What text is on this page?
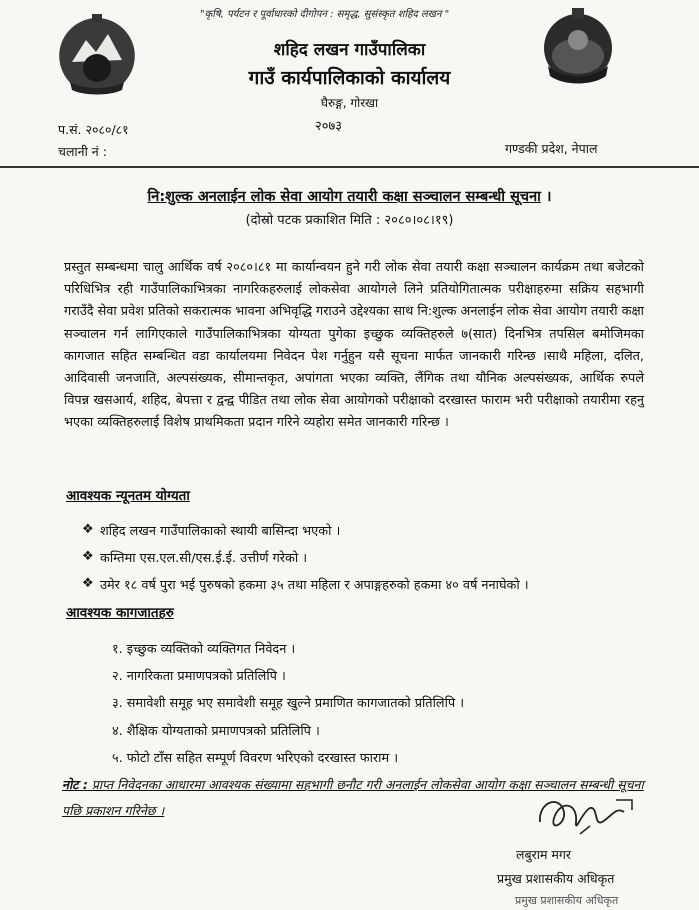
"कृषि, पर्यटन र पूर्वाधारको दीगोपन : समृद्ध, सुसंस्कृत शहिद लखन "
शहिद लखन गाउँपालिका
गाउँ कार्यपालिकाको कार्यालय
घैरुङ्ग, गोरखा
२०७३
प.सं. २०८०/८१
चलानी नं :	गण्डकी प्रदेश, नेपाल
नि:शुल्क अनलाईन लोक सेवा आयोग तयारी कक्षा सञ्चालन सम्बन्धी सूचना ।
(दोस्रो पटक प्रकाशित मिति : २०८०।०८।१९)
प्रस्तुत सम्बन्धमा चालु आर्थिक वर्ष २०८०।८१ मा कार्यान्वयन हुने गरी लोक सेवा तयारी कक्षा सञ्चालन कार्यक्रम तथा बजेटको परिधिभित्र रही गाउँपालिकाभित्रका नागरिकहरुलाई लोकसेवा आयोगले लिने प्रतियोगितात्मक परीक्षाहरुमा सक्रिय सहभागी गराउँदै सेवा प्रवेश प्रतिको सकरात्मक भावना अभिवृद्धि गराउने उद्देश्यका साथ नि:शुल्क अनलाईन लोक सेवा आयोग तयारी कक्षा सञ्चालन गर्न लागिएकाले गाउँपालिकाभित्रका योग्यता पुगेका इच्छुक व्यक्तिहरुले ७(सात) दिनभित्र तपसिल बमोजिमका कागजात सहित सम्बन्धित वडा कार्यालयमा निवेदन पेश गर्नुहुन यसै सूचना मार्फत जानकारी गरिन्छ ।साथै महिला, दलित, आदिवासी जनजाति, अल्पसंख्यक, सीमान्तकृत, अपांगता भएका व्यक्ति, लैंगिक तथा यौनिक अल्पसंख्यक, आर्थिक रुपले विपन्न खसआर्य, शहिद, बेपत्ता र द्वन्द्व पीडित तथा लोक सेवा आयोगको परीक्षाको दरखास्त फाराम भरी परीक्षाको तयारीमा रहनु भएका व्यक्तिहरुलाई विशेष प्राथमिकता प्रदान गरिने व्यहोरा समेत जानकारी गरिन्छ ।
आवश्यक न्यूनतम योग्यता
❖ शहिद लखन गाउँपालिकाको स्थायी बासिन्दा भएको ।
❖ कम्तिमा एस.एल.सी/एस.ई.ई. उत्तीर्ण गरेको ।
❖ उमेर १८ वर्ष पुरा भई पुरुषको हकमा ३५ तथा महिला र अपाङ्गहरुको हकमा ४० वर्ष ननाघेको ।
आवश्यक कागजातहरु
१. इच्छुक व्यक्तिको व्यक्तिगत निवेदन ।
२. नागरिकता प्रमाणपत्रको प्रतिलिपि ।
३. समावेशी समूह भए समावेशी समूह खुल्ने प्रमाणित कागजातको प्रतिलिपि ।
४. शैक्षिक योग्यताको प्रमाणपत्रको प्रतिलिपि ।
५. फोटो टाँस सहित सम्पूर्ण विवरण भरिएको दरखास्त फाराम ।
नोट : प्राप्त निवेदनका आधारमा आवश्यक संख्यामा सहभागी छनौट गरी अनलाईन लोकसेवा आयोग कक्षा सञ्चालन सम्बन्धी सूचना पछि प्रकाशन गरिनेछ ।
लबुराम मगर
प्रमुख प्रशासकीय अधिकृत
प्रमुख प्रशासकीय अधिकृत
